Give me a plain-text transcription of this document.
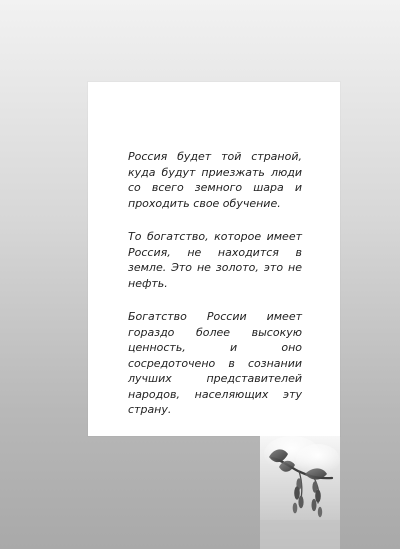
Россия будет той страной, куда будут приезжать люди со всего земного шара и проходить свое обучение.

То богатство, которое имеет Россия, не находится в земле. Это не золото, это не нефть.

Богатство России имеет гораздо более высокую ценность, и оно сосредоточено в сознании лучших представителей народов, населяющих эту страну.
